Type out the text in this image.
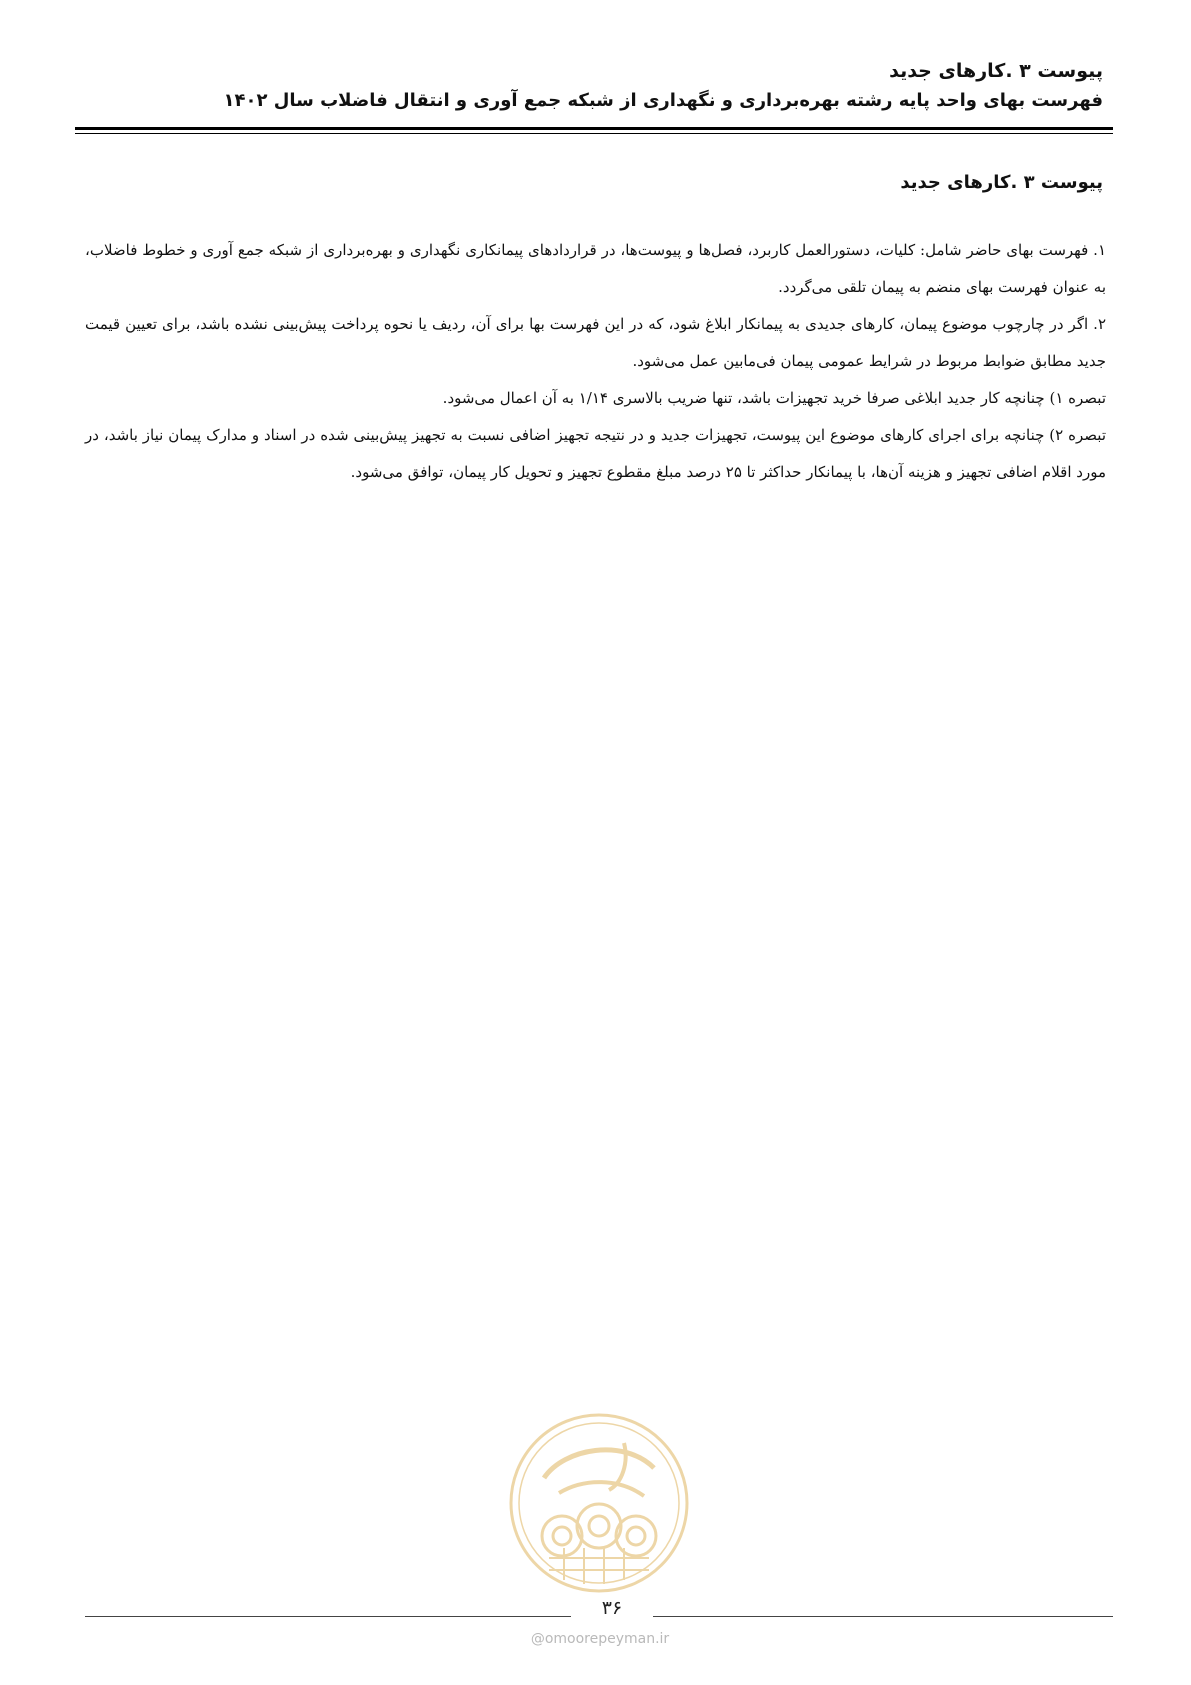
پیوست ۳ .کارهای جدید
فهرست بهای واحد پایه رشته بهره‌برداری و نگهداری از شبکه جمع آوری و انتقال فاضلاب سال ۱۴۰۲
پیوست ۳ .کارهای جدید

۱. فهرست بهای حاضر شامل: کلیات، دستورالعمل کاربرد، فصل‌ها و پیوست‌ها، در قراردادهای پیمانکاری نگهداری و بهره‌برداری از شبکه جمع آوری و خطوط فاضلاب، به عنوان فهرست بهای منضم به پیمان تلقی می‌گردد.

۲. اگر در چارچوب موضوع پیمان، کارهای جدیدی به پیمانکار ابلاغ شود، که در این فهرست بها برای آن، ردیف یا نحوه پرداخت پیش‌بینی نشده باشد، برای تعیین قیمت جدید مطابق ضوابط مربوط در شرایط عمومی پیمان فی‌مابین عمل می‌شود.

تبصره ۱) چنانچه کار جدید ابلاغی صرفا خرید تجهیزات باشد، تنها ضریب بالاسری ۱/۱۴ به آن اعمال می‌شود.

تبصره ۲) چنانچه برای اجرای کارهای موضوع این پیوست، تجهیزات جدید و در نتیجه تجهیز اضافی نسبت به تجهیز پیش‌بینی شده در اسناد و مدارک پیمان نیاز باشد، در مورد اقلام اضافی تجهیز و هزینه آن‌ها، با پیمانکار حداکثر تا ۲۵ درصد مبلغ مقطوع تجهیز و تحویل کار پیمان، توافق می‌شود.

۳۶
@omoorepeyman.ir
